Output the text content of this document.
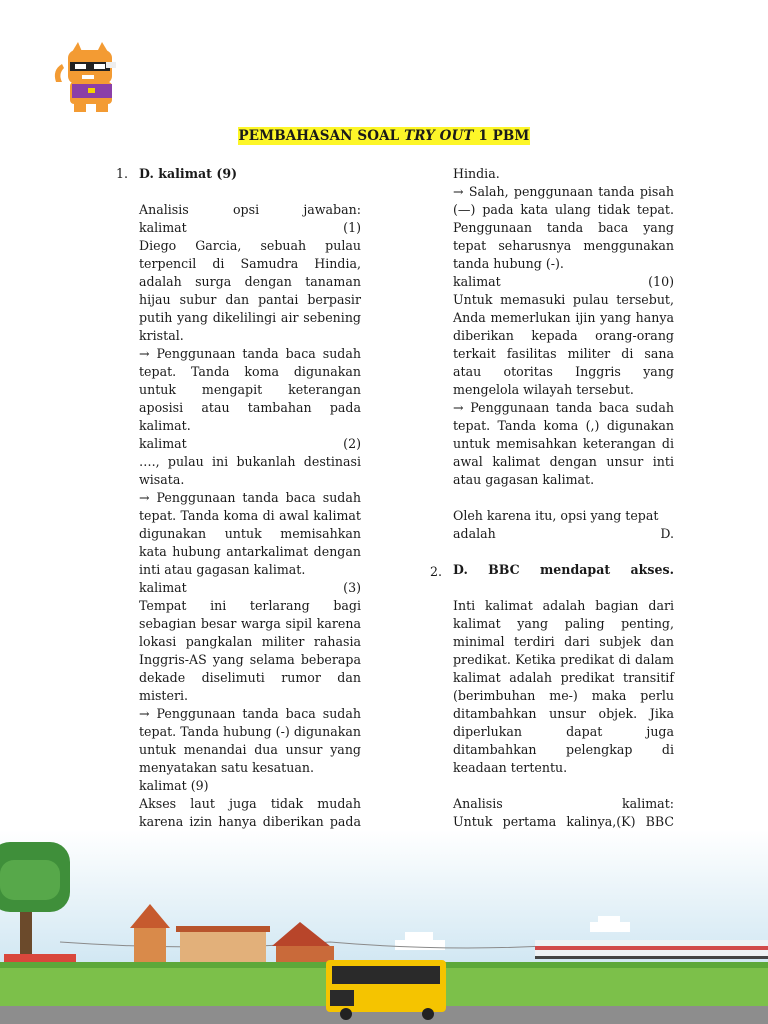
PEMBAHASAN SOAL TRY OUT 1 PBM
1.
2.
D. kalimat (9)
Analisis	opsi	jawaban:
kalimat	(1)
Diego Garcia, sebuah pulau terpencil di Samudra Hindia, adalah surga dengan tanaman hijau subur dan pantai berpasir putih yang dikelilingi air sebening kristal.
→ Penggunaan tanda baca sudah tepat. Tanda koma digunakan untuk mengapit keterangan aposisi atau tambahan pada kalimat.
kalimat	(2)
…., pulau ini bukanlah destinasi wisata.
→ Penggunaan tanda baca sudah tepat. Tanda koma di awal kalimat digunakan untuk memisahkan kata hubung antarkalimat dengan inti atau gagasan kalimat.
kalimat	(3)
Tempat ini terlarang bagi sebagian besar warga sipil karena lokasi pangkalan militer rahasia Inggris-AS yang selama beberapa dekade diselimuti rumor dan misteri.
→ Penggunaan tanda baca sudah tepat. Tanda hubung (-) digunakan untuk menandai dua unsur yang menyatakan satu kesatuan.
kalimat (9)
Akses laut juga tidak mudah karena izin hanya diberikan pada
Hindia.
→ Salah, penggunaan tanda pisah (—) pada kata ulang tidak tepat. Penggunaan tanda baca yang tepat seharusnya menggunakan tanda hubung (-).
kalimat	(10)
Untuk memasuki pulau tersebut, Anda memerlukan ijin yang hanya diberikan kepada orang-orang terkait fasilitas militer di sana atau otoritas Inggris yang mengelola wilayah tersebut.
→ Penggunaan tanda baca sudah tepat. Tanda koma (,) digunakan untuk memisahkan keterangan di awal kalimat dengan unsur inti atau gagasan kalimat.
Oleh karena itu, opsi yang tepat
adalah	D.
D. BBC mendapat akses.
Inti kalimat adalah bagian dari kalimat yang paling penting, minimal terdiri dari subjek dan predikat. Ketika predikat di dalam kalimat adalah predikat transitif (berimbuhan me-) maka perlu ditambahkan unsur objek. Jika diperlukan dapat juga ditambahkan pelengkap di keadaan tertentu.
Analisis	kalimat:
Untuk pertama kalinya,(K) BBC
